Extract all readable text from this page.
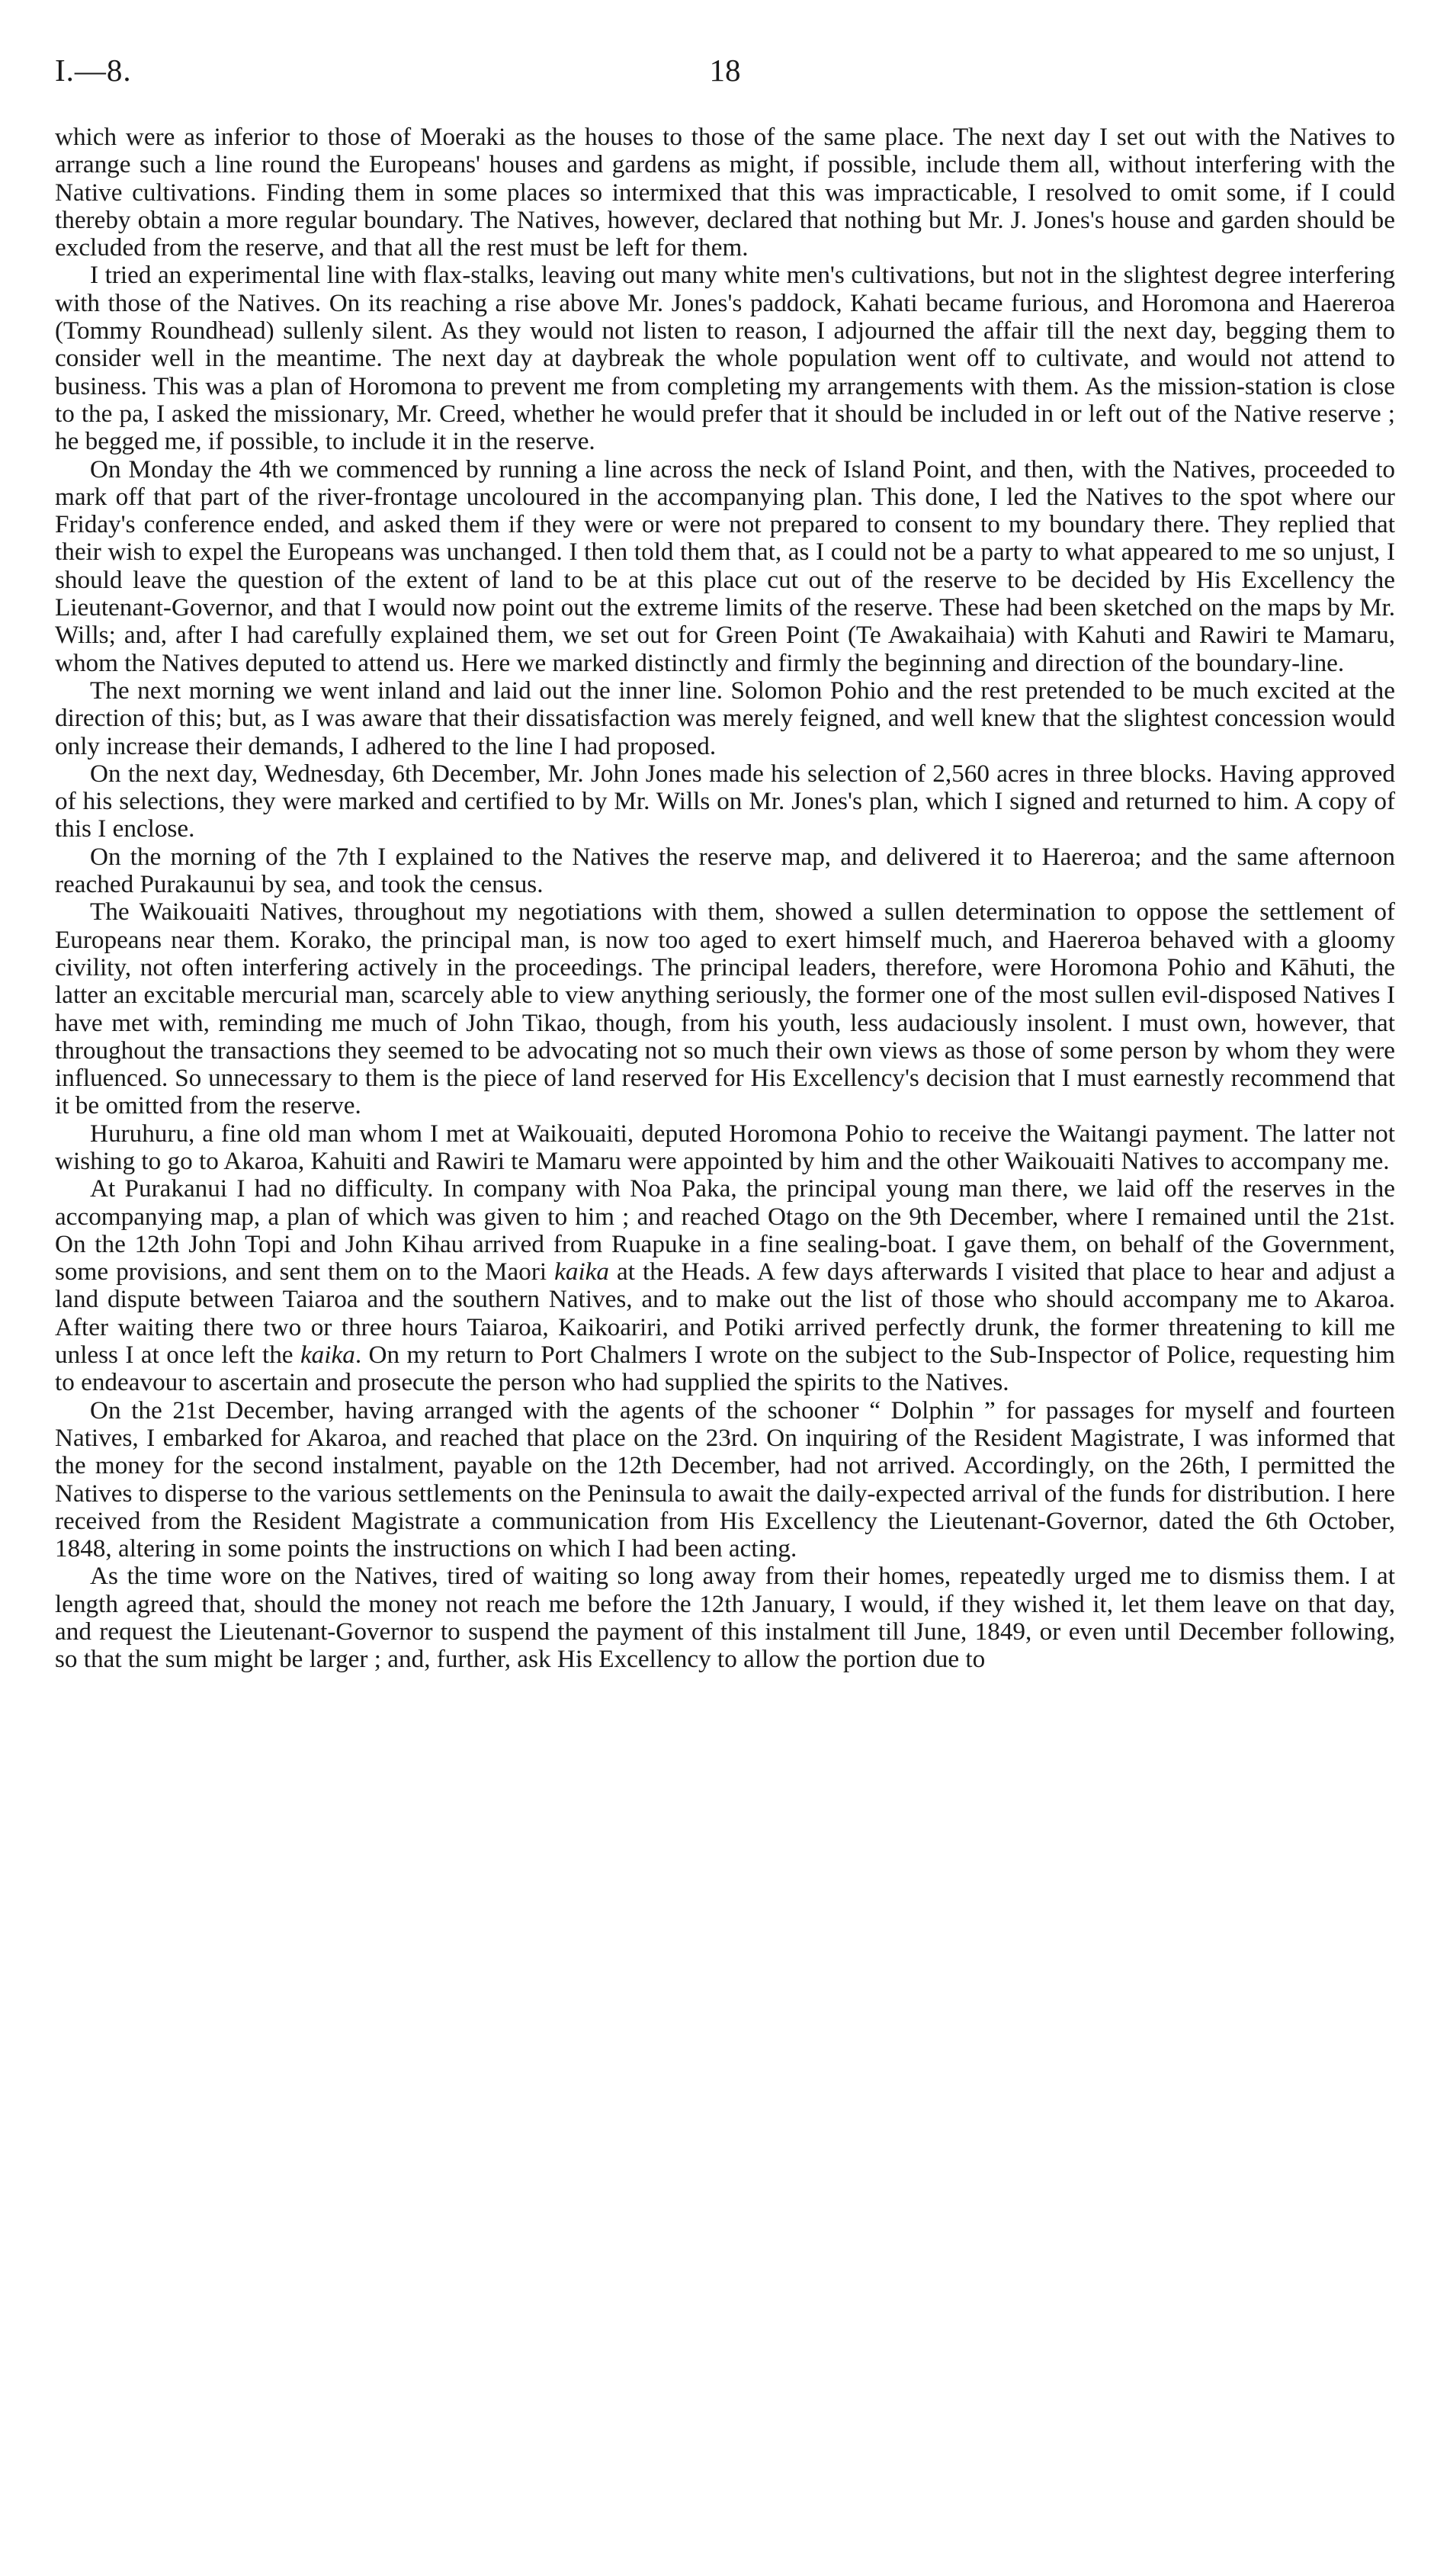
I.—8.	18

which were as inferior to those of Moeraki as the houses to those of the same place. The next day I set out with the Natives to arrange such a line round the Europeans' houses and gardens as might, if possible, include them all, without interfering with the Native cultivations. Finding them in some places so intermixed that this was impracticable, I resolved to omit some, if I could thereby obtain a more regular boundary. The Natives, however, declared that nothing but Mr. J. Jones's house and garden should be excluded from the reserve, and that all the rest must be left for them.

I tried an experimental line with flax-stalks, leaving out many white men's cultivations, but not in the slightest degree interfering with those of the Natives. On its reaching a rise above Mr. Jones's paddock, Kahati became furious, and Horomona and Haereroa (Tommy Roundhead) sullenly silent. As they would not listen to reason, I adjourned the affair till the next day, begging them to consider well in the meantime. The next day at daybreak the whole population went off to cultivate, and would not attend to business. This was a plan of Horomona to prevent me from completing my arrangements with them. As the mission-station is close to the pa, I asked the missionary, Mr. Creed, whether he would prefer that it should be included in or left out of the Native reserve ; he begged me, if possible, to include it in the reserve.

On Monday the 4th we commenced by running a line across the neck of Island Point, and then, with the Natives, proceeded to mark off that part of the river-frontage uncoloured in the accompanying plan. This done, I led the Natives to the spot where our Friday's conference ended, and asked them if they were or were not prepared to consent to my boundary there. They replied that their wish to expel the Europeans was unchanged. I then told them that, as I could not be a party to what appeared to me so unjust, I should leave the question of the extent of land to be at this place cut out of the reserve to be decided by His Excellency the Lieutenant-Governor, and that I would now point out the extreme limits of the reserve. These had been sketched on the maps by Mr. Wills; and, after I had carefully explained them, we set out for Green Point (Te Awakaihaia) with Kahuti and Rawiri te Mamaru, whom the Natives deputed to attend us. Here we marked distinctly and firmly the beginning and direction of the boundary-line.

The next morning we went inland and laid out the inner line. Solomon Pohio and the rest pretended to be much excited at the direction of this; but, as I was aware that their dissatisfaction was merely feigned, and well knew that the slightest concession would only increase their demands, I adhered to the line I had proposed.

On the next day, Wednesday, 6th December, Mr. John Jones made his selection of 2,560 acres in three blocks. Having approved of his selections, they were marked and certified to by Mr. Wills on Mr. Jones's plan, which I signed and returned to him. A copy of this I enclose.

On the morning of the 7th I explained to the Natives the reserve map, and delivered it to Haereroa; and the same afternoon reached Purakaunui by sea, and took the census.

The Waikouaiti Natives, throughout my negotiations with them, showed a sullen determination to oppose the settlement of Europeans near them. Korako, the principal man, is now too aged to exert himself much, and Haereroa behaved with a gloomy civility, not often interfering actively in the proceedings. The principal leaders, therefore, were Horomona Pohio and Kāhuti, the latter an excitable mercurial man, scarcely able to view anything seriously, the former one of the most sullen evil-disposed Natives I have met with, reminding me much of John Tikao, though, from his youth, less audaciously insolent. I must own, however, that throughout the transactions they seemed to be advocating not so much their own views as those of some person by whom they were influenced. So unnecessary to them is the piece of land reserved for His Excellency's decision that I must earnestly recommend that it be omitted from the reserve.

Huruhuru, a fine old man whom I met at Waikouaiti, deputed Horomona Pohio to receive the Waitangi payment. The latter not wishing to go to Akaroa, Kahuiti and Rawiri te Mamaru were appointed by him and the other Waikouaiti Natives to accompany me.

At Purakanui I had no difficulty. In company with Noa Paka, the principal young man there, we laid off the reserves in the accompanying map, a plan of which was given to him ; and reached Otago on the 9th December, where I remained until the 21st. On the 12th John Topi and John Kihau arrived from Ruapuke in a fine sealing-boat. I gave them, on behalf of the Government, some provisions, and sent them on to the Maori kaika at the Heads. A few days afterwards I visited that place to hear and adjust a land dispute between Taiaroa and the southern Natives, and to make out the list of those who should accompany me to Akaroa. After waiting there two or three hours Taiaroa, Kaikoariri, and Potiki arrived perfectly drunk, the former threatening to kill me unless I at once left the kaika. On my return to Port Chalmers I wrote on the subject to the Sub-Inspector of Police, requesting him to endeavour to ascertain and prosecute the person who had supplied the spirits to the Natives.

On the 21st December, having arranged with the agents of the schooner “ Dolphin ” for passages for myself and fourteen Natives, I embarked for Akaroa, and reached that place on the 23rd. On inquiring of the Resident Magistrate, I was informed that the money for the second instalment, payable on the 12th December, had not arrived. Accordingly, on the 26th, I permitted the Natives to disperse to the various settlements on the Peninsula to await the daily-expected arrival of the funds for distribution. I here received from the Resident Magistrate a communication from His Excellency the Lieutenant-Governor, dated the 6th October, 1848, altering in some points the instructions on which I had been acting.

As the time wore on the Natives, tired of waiting so long away from their homes, repeatedly urged me to dismiss them. I at length agreed that, should the money not reach me before the 12th January, I would, if they wished it, let them leave on that day, and request the Lieutenant-Governor to suspend the payment of this instalment till June, 1849, or even until December following, so that the sum might be larger ; and, further, ask His Excellency to allow the portion due to
